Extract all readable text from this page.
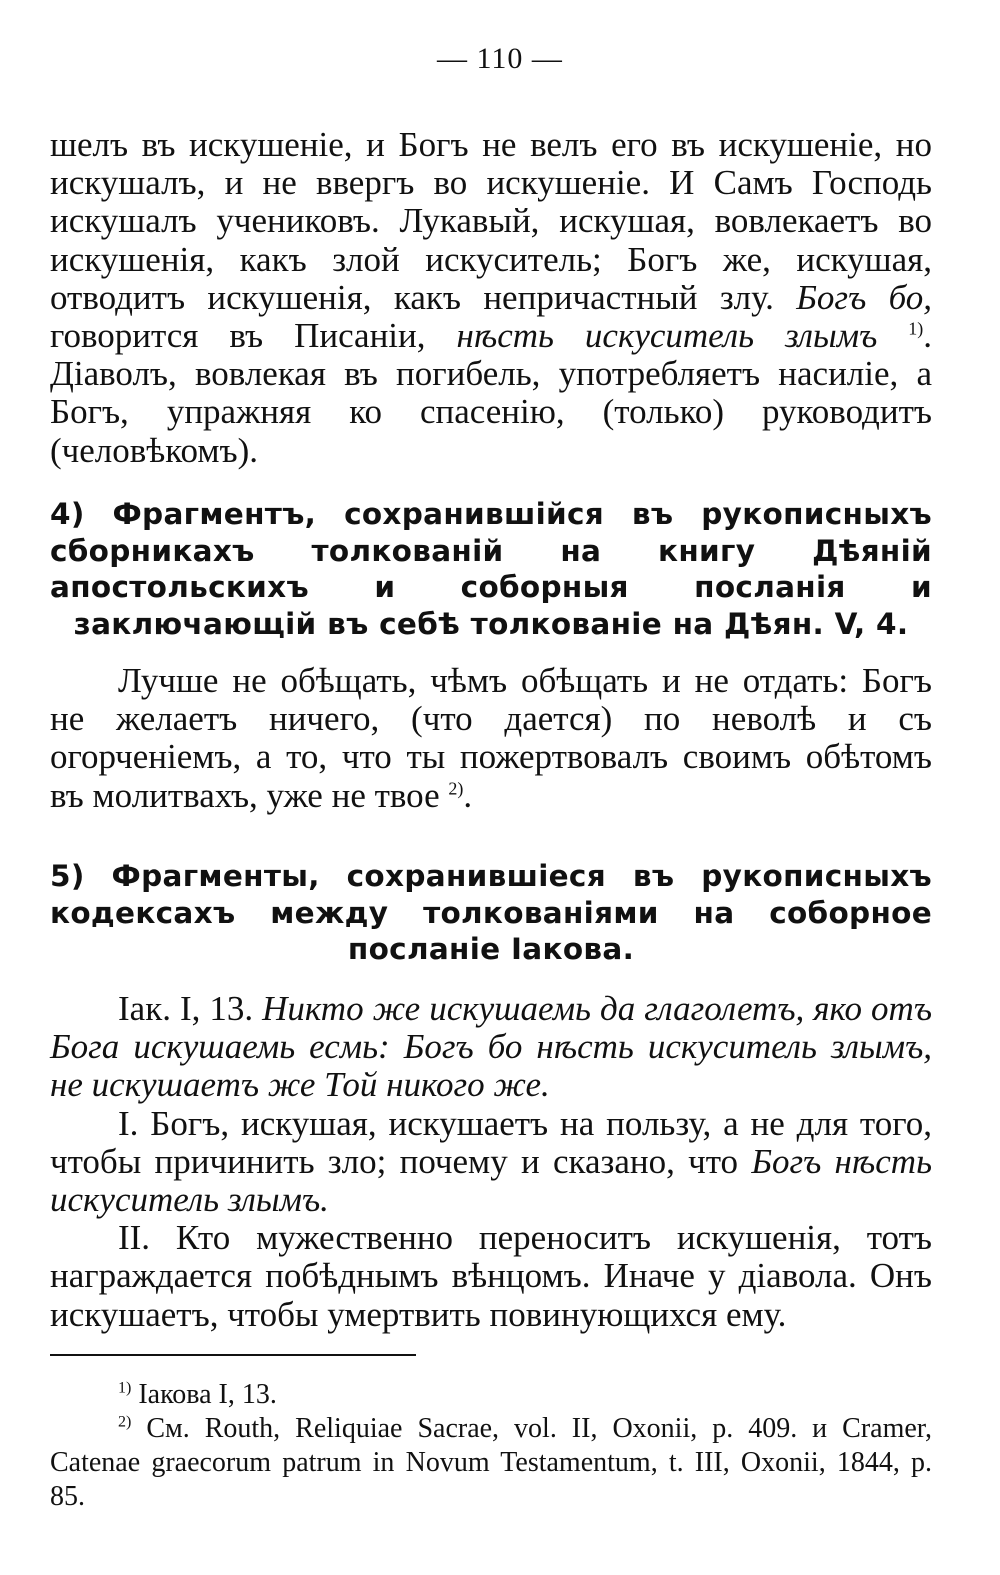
— 110 —
шелъ въ искушеніе, и Богъ не велъ его въ искушеніе, но искушалъ, и не ввергъ во искушеніе. И Самъ Господь искушалъ учениковъ. Лукавый, искушая, вовлекаетъ во искушенія, какъ злой искуситель; Богъ же, искушая, отводитъ искушенія, какъ непричастный злу. Богъ бо, говорится въ Писаніи, нѣсть искуситель злымъ $^{1)}$. Діаволъ, вовлекая въ погибель, употребляетъ насиліе, а Богъ, упражняя ко спасенію, (только) руководитъ (человѣкомъ).
4) Фрагментъ, сохранившійся въ рукописныхъ сборникахъ толкованій на книгу Дѣяній апостольскихъ и соборныя посланія и заключающій въ себѣ толкованіе на Дѣян. V, 4.
Лучше не обѣщать, чѣмъ обѣщать и не отдать: Богъ не желаетъ ничего, (что дается) по неволѣ и съ огорченіемъ, а то, что ты пожертвовалъ своимъ обѣтомъ въ молитвахъ, уже не твое $^{2)}$.
5) Фрагменты, сохранившіеся въ рукописныхъ кодексахъ между толкованіями на соборное посланіе Іакова.

Іак. I, 13. Никто же искушаемь да глаголетъ, яко отъ Бога искушаемь есмь: Богъ бо нѣсть искуситель злымъ, не искушаетъ же Той никого же.

I. Богъ, искушая, искушаетъ на пользу, а не для того, чтобы причинить зло; почему и сказано, что Богъ нѣсть искуситель злымъ.

II. Кто мужественно переноситъ искушенія, тотъ награждается побѣднымъ вѣнцомъ. Иначе у діавола. Онъ искушаетъ, чтобы умертвить повинующихся ему.

$^{1)}$ Іакова I, 13.

$^{2)}$ См. Routh, Reliquiae Sacrae, vol. II, Oxonii, p. 409. и Cramer, Catenae graecorum patrum in Novum Testamentum, t. III, Oxonii, 1844, p. 85.
